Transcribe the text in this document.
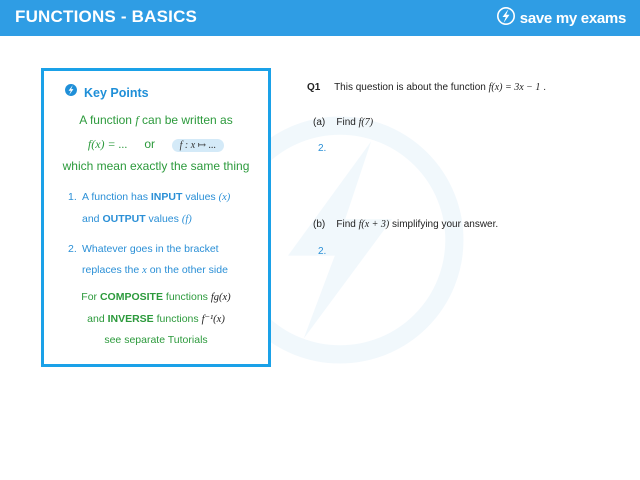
FUNCTIONS - BASICS	save my exams
Key Points
A function f can be written as
f(x) = ... or f : x ↦ ...
which mean exactly the same thing
1. A function has INPUT values (x)
and OUTPUT values (f)
2. Whatever goes in the bracket
replaces the x on the other side
For COMPOSITE functions fg(x)
and INVERSE functions f⁻¹(x)
see separate Tutorials
Q1 This question is about the function f(x) = 3x − 1 .
(a) Find f(7)
2.
(b) Find f(x + 3) simplifying your answer.
2.
